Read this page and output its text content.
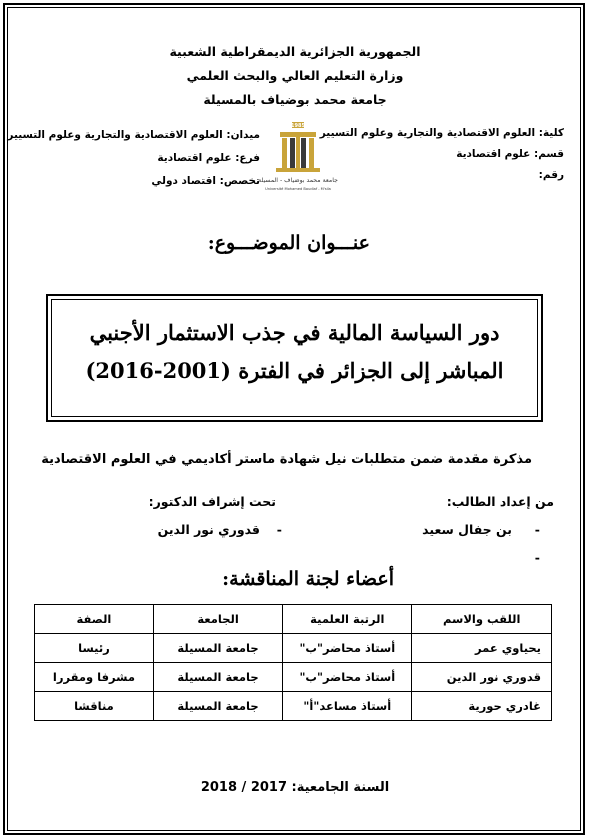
الجمهورية الجزائرية الديمقراطية الشعبية
وزارة التعليم العالي والبحث العلمي
جامعة محمد بوضياف بالمسيلة
كلية: العلوم الاقتصادية والتجارية وعلوم التسيير
قسم: علوم اقتصادية
رقم:
ميدان: العلوم الاقتصادية والتجارية وعلوم التسيير
فرع: علوم اقتصادية
تخصص: اقتصاد دولي
1985
جامعة محمد بوضياف - المسيلة
Université Mohamed Boudiaf - M'sila
عنـــوان الموضـــوع:
دور السياسة المالية في جذب الاستثمار الأجنبي
المباشر إلى الجزائر في الفترة (2001-2016)
مذكرة مقدمة ضمن متطلبات نيل شهادة ماستر أكاديمي في العلوم الاقتصادية
من إعداد الطالب:
تحت إشراف الدكتور:
-
بن جفال سعيد
-
قدوري نور الدين
-
أعضاء لجنة المناقشة:
اللقب والاسم	الرتبة العلمية	الجامعة	الصفة
يحياوي عمر	أستاذ محاضر"ب"	جامعة المسيلة	رئيسا
قدوري نور الدين	أستاذ محاضر"ب"	جامعة المسيلة	مشرفا ومقررا
غادري حورية	أستاذ مساعد"أ"	جامعة المسيلة	مناقشا
السنة الجامعية: 2017 / 2018
